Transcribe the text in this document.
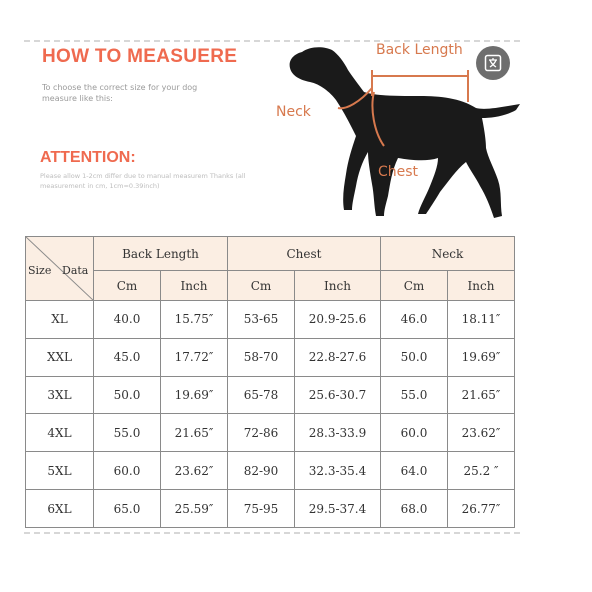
HOW TO MEASUERE
To choose the correct size for your dog measure like this:
ATTENTION:
Please allow 1-2cm differ due to manual measurem Thanks (all measurement in cm, 1cm=0.39inch)
Back Length
Neck
Chest
Size Data	Back Length		Chest		Neck	
	Cm	Inch	Cm	Inch	Cm	Inch
XL	40.0	15.75″	53-65	20.9-25.6	46.0	18.11″
XXL	45.0	17.72″	58-70	22.8-27.6	50.0	19.69″
3XL	50.0	19.69″	65-78	25.6-30.7	55.0	21.65″
4XL	55.0	21.65″	72-86	28.3-33.9	60.0	23.62″
5XL	60.0	23.62″	82-90	32.3-35.4	64.0	25.2 ″
6XL	65.0	25.59″	75-95	29.5-37.4	68.0	26.77″
